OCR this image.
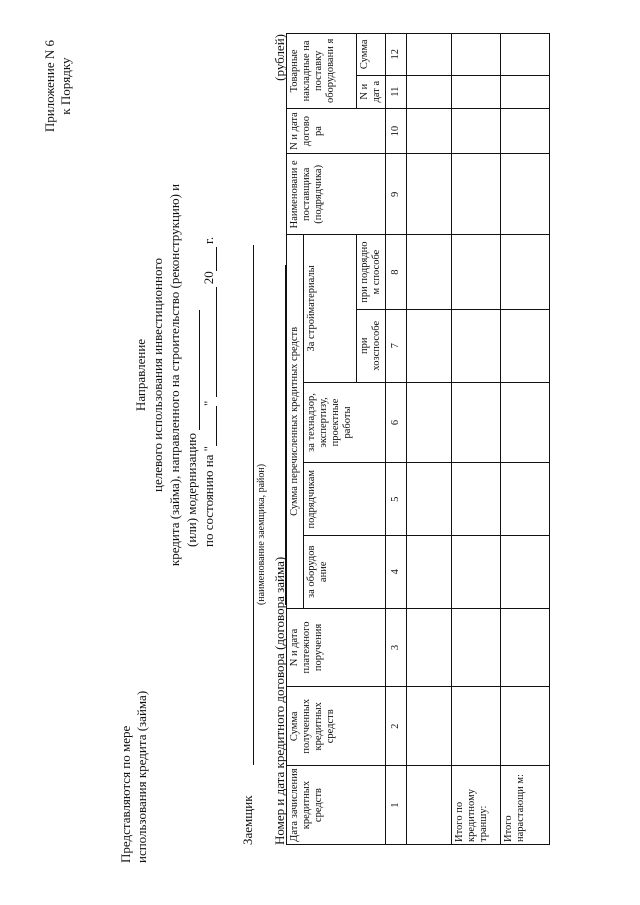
Приложение N 6 к Порядку
Представляются по мере использования кредита (займа)
Направление целевого использования инвестиционного кредита (займа), направленного на строительство (реконструкцию) и (или) модернизацию по состоянию на ""  20 г.
Заемщик
(наименование заемщика, район)
Номер и дата кредитного договора (договора займа)
(рублей)
Дата зачисления кредитных средств	Сумма полученных кредитных средств	N и дата платежного поручения	Сумма перечисленных кредитных средств					Наименовани е поставщика (подрядчика)	N и дата догово ра	Товарные накладные на поставку оборудовани я	
			за оборудов ание	подрядчикам	за технадзор, экспертизу, проектные работы	За стройматериалы					
						при хозспособе	при подрядно м способе			N и дат а	Сумма
1	2	3	4	5	6	7	8	9	10	11	12

Итого по кредитному траншу:											
Итого нарастающи м:											
